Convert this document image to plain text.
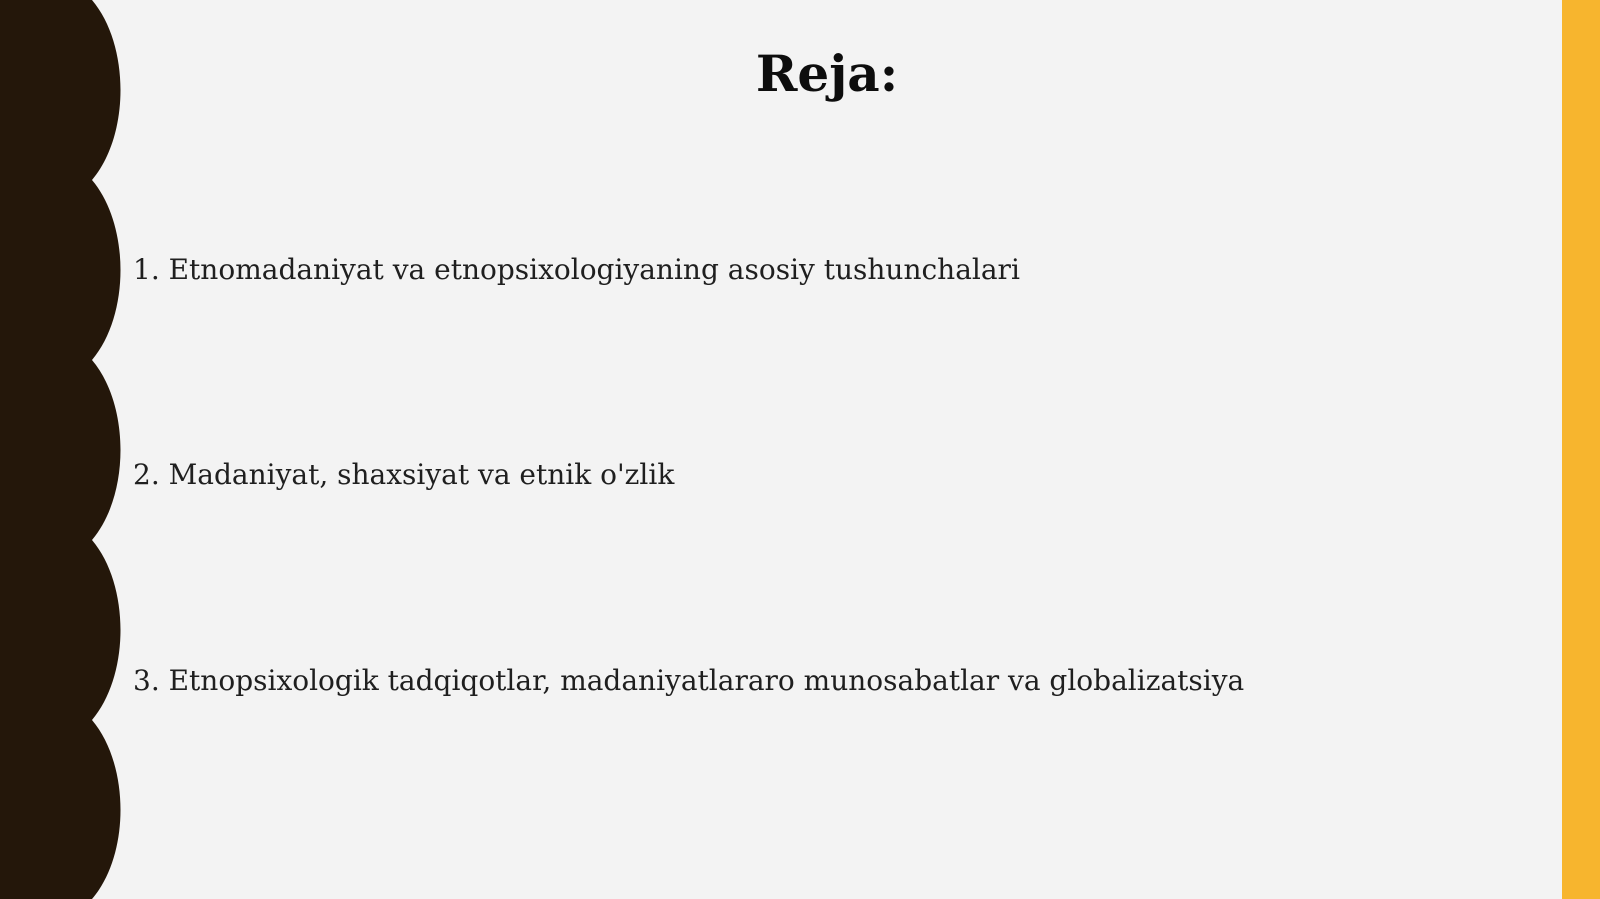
Reja:

1. Etnomadaniyat va etnopsixologiyaning asosiy tushunchalari

2. Madaniyat, shaxsiyat va etnik o'zlik

3. Etnopsixologik tadqiqotlar, madaniyatlararo munosabatlar va globalizatsiya
